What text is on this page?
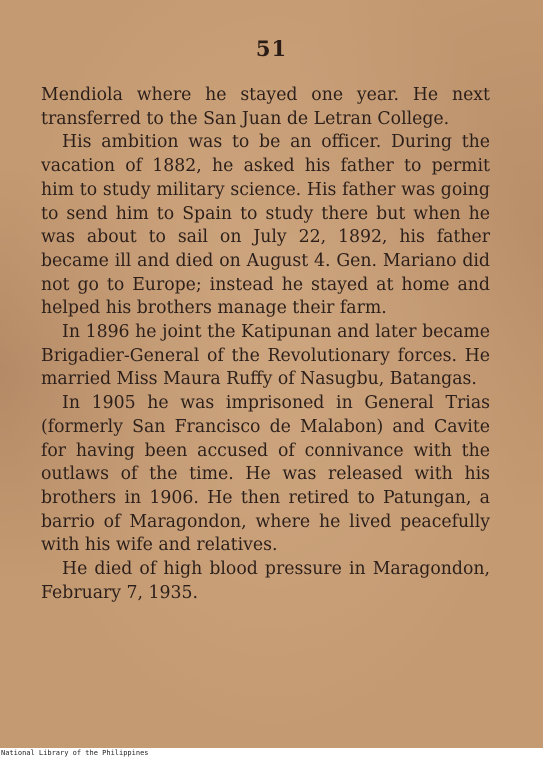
51

Mendiola where he stayed one year. He next transferred to the San Juan de Letran College.

His ambition was to be an officer. During the vacation of 1882, he asked his father to permit him to study military science. His father was going to send him to Spain to study there but when he was about to sail on July 22, 1892, his father became ill and died on August 4. Gen. Mariano did not go to Europe; instead he stayed at home and helped his brothers manage their farm.

In 1896 he joint the Katipunan and later became Brigadier-General of the Revolutionary forces. He married Miss Maura Ruffy of Nasugbu, Batangas.

In 1905 he was imprisoned in General Trias (formerly San Francisco de Malabon) and Cavite for having been accused of connivance with the outlaws of the time. He was released with his brothers in 1906. He then retired to Patungan, a barrio of Maragondon, where he lived peacefully with his wife and relatives.

He died of high blood pressure in Maragondon, February 7, 1935.

National Library of the Philippines
